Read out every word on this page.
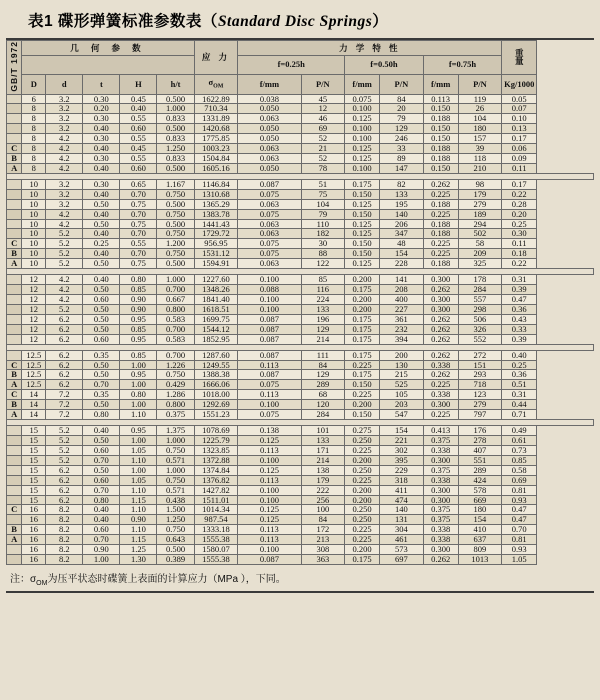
表1 碟形弹簧标准参数表（Standard Disc Springs）
GB/T 1972	几 何 参 数					应 力	力 学 特 性						重
量

							f=0.25h		f=0.50h		f=0.75h		
	D	d	t	H	h/t	$\sigma_{OM}$	f/mm	P/N	f/mm	P/N	f/mm	P/N	Kg/1000
	6	3.2	0.30	0.45	0.500	1622.89	0.038	45	0.075	84	0.113	119	0.05
	8	3.2	0.20	0.40	1.000	710.34	0.050	12	0.100	20	0.150	26	0.07
	8	3.2	0.30	0.55	0.833	1331.89	0.063	46	0.125	79	0.188	104	0.10
	8	3.2	0.40	0.60	0.500	1420.68	0.050	69	0.100	129	0.150	180	0.13
	8	4.2	0.30	0.55	0.833	1775.85	0.050	52	0.100	246	0.150	157	0.17
C	8	4.2	0.40	0.45	1.250	1003.23	0.063	21	0.125	33	0.188	39	0.06
B	8	4.2	0.30	0.55	0.833	1504.84	0.063	52	0.125	89	0.188	118	0.09
A	8	4.2	0.40	0.60	0.500	1605.16	0.050	78	0.100	147	0.150	210	0.11

	10	3.2	0.30	0.65	1.167	1146.84	0.087	51	0.175	82	0.262	98	0.17
	10	3.2	0.40	0.70	0.750	1310.68	0.075	75	0.150	133	0.225	179	0.22
	10	3.2	0.50	0.75	0.500	1365.29	0.063	104	0.125	195	0.188	279	0.28
	10	4.2	0.40	0.70	0.750	1383.78	0.075	79	0.150	140	0.225	189	0.20
	10	4.2	0.50	0.75	0.500	1441.43	0.063	110	0.125	206	0.188	294	0.25
	10	5.2	0.40	0.70	0.750	1729.72	0.063	182	0.125	347	0.188	502	0.30
C	10	5.2	0.25	0.55	1.200	956.95	0.075	30	0.150	48	0.225	58	0.11
B	10	5.2	0.40	0.70	0.750	1531.12	0.075	88	0.150	154	0.225	209	0.18
A	10	5.2	0.50	0.75	0.500	1594.91	0.063	122	0.125	228	0.188	325	0.22

	12	4.2	0.40	0.80	1.000	1227.60	0.100	85	0.200	141	0.300	178	0.31
	12	4.2	0.50	0.85	0.700	1348.26	0.088	116	0.175	208	0.262	284	0.39
	12	4.2	0.60	0.90	0.667	1841.40	0.100	224	0.200	400	0.300	557	0.47
	12	5.2	0.50	0.90	0.800	1618.51	0.100	133	0.200	227	0.300	298	0.36
	12	6.2	0.50	0.95	0.583	1699.75	0.087	196	0.175	361	0.262	506	0.43
	12	6.2	0.50	0.85	0.700	1544.12	0.087	129	0.175	232	0.262	326	0.33
	12	6.2	0.60	0.95	0.583	1852.95	0.087	214	0.175	394	0.262	552	0.39

	12.5	6.2	0.35	0.85	0.700	1287.60	0.087	111	0.175	200	0.262	272	0.40
C	12.5	6.2	0.50	1.00	1.226	1249.55	0.113	84	0.225	130	0.338	151	0.25
B	12.5	6.2	0.50	0.95	0.750	1388.38	0.087	129	0.175	215	0.262	293	0.36
A	12.5	6.2	0.70	1.00	0.429	1666.06	0.075	289	0.150	525	0.225	718	0.51
C	14	7.2	0.35	0.80	1.286	1018.00	0.113	68	0.225	105	0.338	123	0.31
B	14	7.2	0.50	1.00	0.800	1292.69	0.100	120	0.200	203	0.300	279	0.44
A	14	7.2	0.80	1.10	0.375	1551.23	0.075	284	0.150	547	0.225	797	0.71

	15	5.2	0.40	0.95	1.375	1078.69	0.138	101	0.275	154	0.413	176	0.49
	15	5.2	0.50	1.00	1.000	1225.79	0.125	133	0.250	221	0.375	278	0.61
	15	5.2	0.60	1.05	0.750	1323.85	0.113	171	0.225	302	0.338	407	0.73
	15	5.2	0.70	1.10	0.571	1372.88	0.100	214	0.200	395	0.300	551	0.85
	15	6.2	0.50	1.00	1.000	1374.84	0.125	138	0.250	229	0.375	289	0.58
	15	6.2	0.60	1.05	0.750	1376.82	0.113	179	0.225	318	0.338	424	0.69
	15	6.2	0.70	1.10	0.571	1427.82	0.100	222	0.200	411	0.300	578	0.81
	15	6.2	0.80	1.15	0.438	1511.01	0.100	256	0.200	474	0.300	669	0.93
C	16	8.2	0.40	1.10	1.500	1014.34	0.125	100	0.250	140	0.375	180	0.47
	16	8.2	0.40	0.90	1.250	987.54	0.125	84	0.250	131	0.375	154	0.47
B	16	8.2	0.60	1.10	0.750	1333.18	0.113	172	0.225	304	0.338	410	0.70
A	16	8.2	0.70	1.15	0.643	1555.38	0.113	213	0.225	461	0.338	637	0.81
	16	8.2	0.90	1.25	0.500	1580.07	0.100	308	0.200	573	0.300	809	0.93
	16	8.2	1.00	1.30	0.389	1555.38	0.087	363	0.175	697	0.262	1013	1.05
注：$\sigma_{OM}$为压平状态时碟簧上表面的计算应力（MPa ），下同。
